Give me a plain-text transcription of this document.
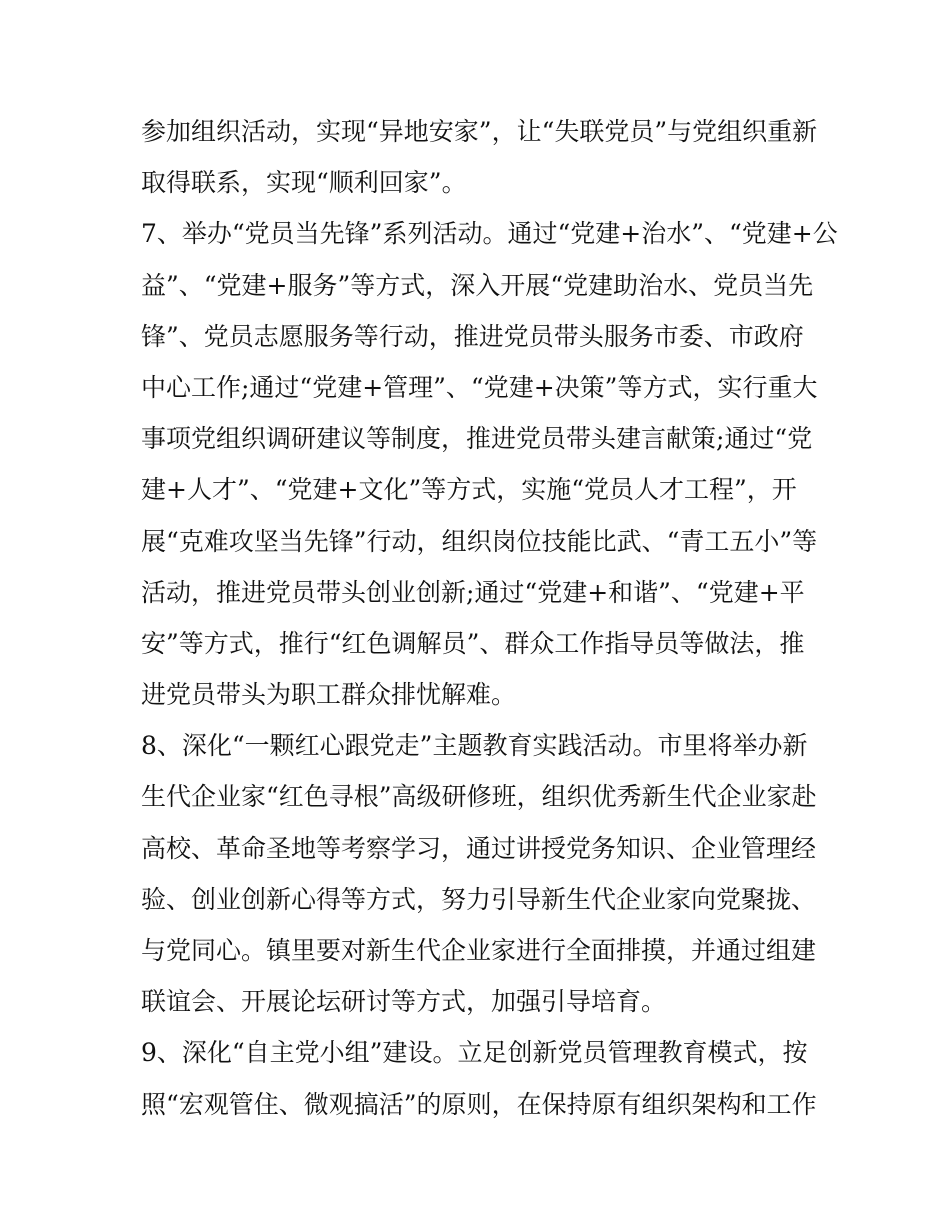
参加组织活动，实现“异地安家”，让“失联党员”与党组织重新
取得联系，实现“顺利回家”。
7、举办“党员当先锋”系列活动。通过“党建+治水”、“党建+公
益”、“党建+服务”等方式，深入开展“党建助治水、党员当先
锋”、党员志愿服务等行动，推进党员带头服务市委、市政府
中心工作;通过“党建+管理”、“党建+决策”等方式，实行重大
事项党组织调研建议等制度，推进党员带头建言献策;通过“党
建+人才”、“党建+文化”等方式，实施“党员人才工程”，开
展“克难攻坚当先锋”行动，组织岗位技能比武、“青工五小”等
活动，推进党员带头创业创新;通过“党建+和谐”、“党建+平
安”等方式，推行“红色调解员”、群众工作指导员等做法，推
进党员带头为职工群众排忧解难。
8、深化“一颗红心跟党走”主题教育实践活动。市里将举办新
生代企业家“红色寻根”高级研修班，组织优秀新生代企业家赴
高校、革命圣地等考察学习，通过讲授党务知识、企业管理经
验、创业创新心得等方式，努力引导新生代企业家向党聚拢、
与党同心。镇里要对新生代企业家进行全面排摸，并通过组建
联谊会、开展论坛研讨等方式，加强引导培育。
9、深化“自主党小组”建设。立足创新党员管理教育模式，按
照“宏观管住、微观搞活”的原则，在保持原有组织架构和工作
